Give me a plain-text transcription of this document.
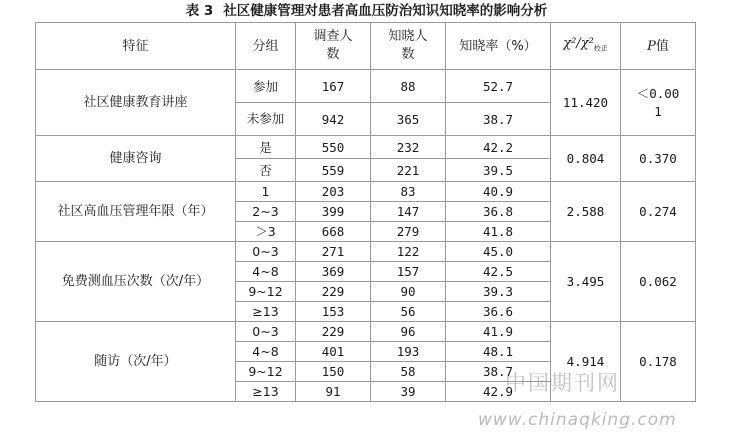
表 3 社区健康管理对患者高血压防治知识知晓率的影响分析
特征	分组	调查人数	知晓人数	知晓率（%）	$\chi^2/\chi^2_{校正}$	P值
社区健康教育讲座	参加	167	88	52.7	11.420	＜0.001
	未参加	942	365	38.7		
健康咨询	是	550	232	42.2	0.804	0.370
	否	559	221	39.5		
社区高血压管理年限（年）	1	203	83	40.9	2.588	0.274
	2~3	399	147	36.8		
	＞3	668	279	41.8		
免费测血压次数（次/年）	0~3	271	122	45.0	3.495	0.062
	4~8	369	157	42.5		
	9~12	229	90	39.3		
	≥13	153	56	36.6		
随访（次/年）	0~3	229	96	41.9	4.914	0.178
	4~8	401	193	48.1		
	9~12	150	58	38.7		
	≥13	91	39	42.9		
中国期刊网
www.chinaqking.com
